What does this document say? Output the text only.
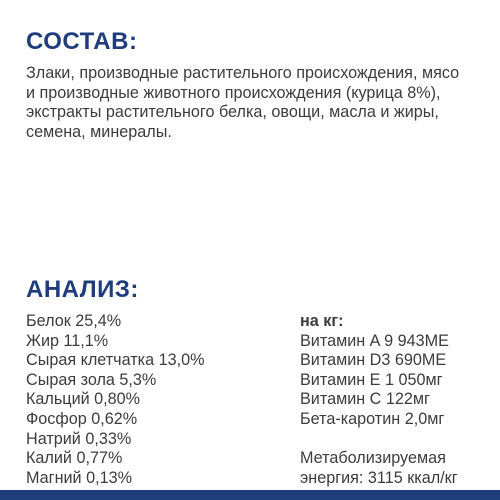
СОСТАВ:
Злаки, производные растительного происхождения, мясо
и производные животного происхождения (курица 8%),
экстракты растительного белка, овощи, масла и жиры,
семена, минералы.
АНАЛИЗ:
Белок 25,4%
Жир 11,1%
Сырая клетчатка 13,0%
Сырая зола 5,3%
Кальций 0,80%
Фосфор 0,62%
Натрий 0,33%
Калий 0,77%
Магний 0,13%
на кг:
Витамин A 9 943МЕ
Витамин D3 690МЕ
Витамин E 1 050мг
Витамин C 122мг
Бета-каротин 2,0мг
Метаболизируемая
энергия: 3115 ккал/кг
